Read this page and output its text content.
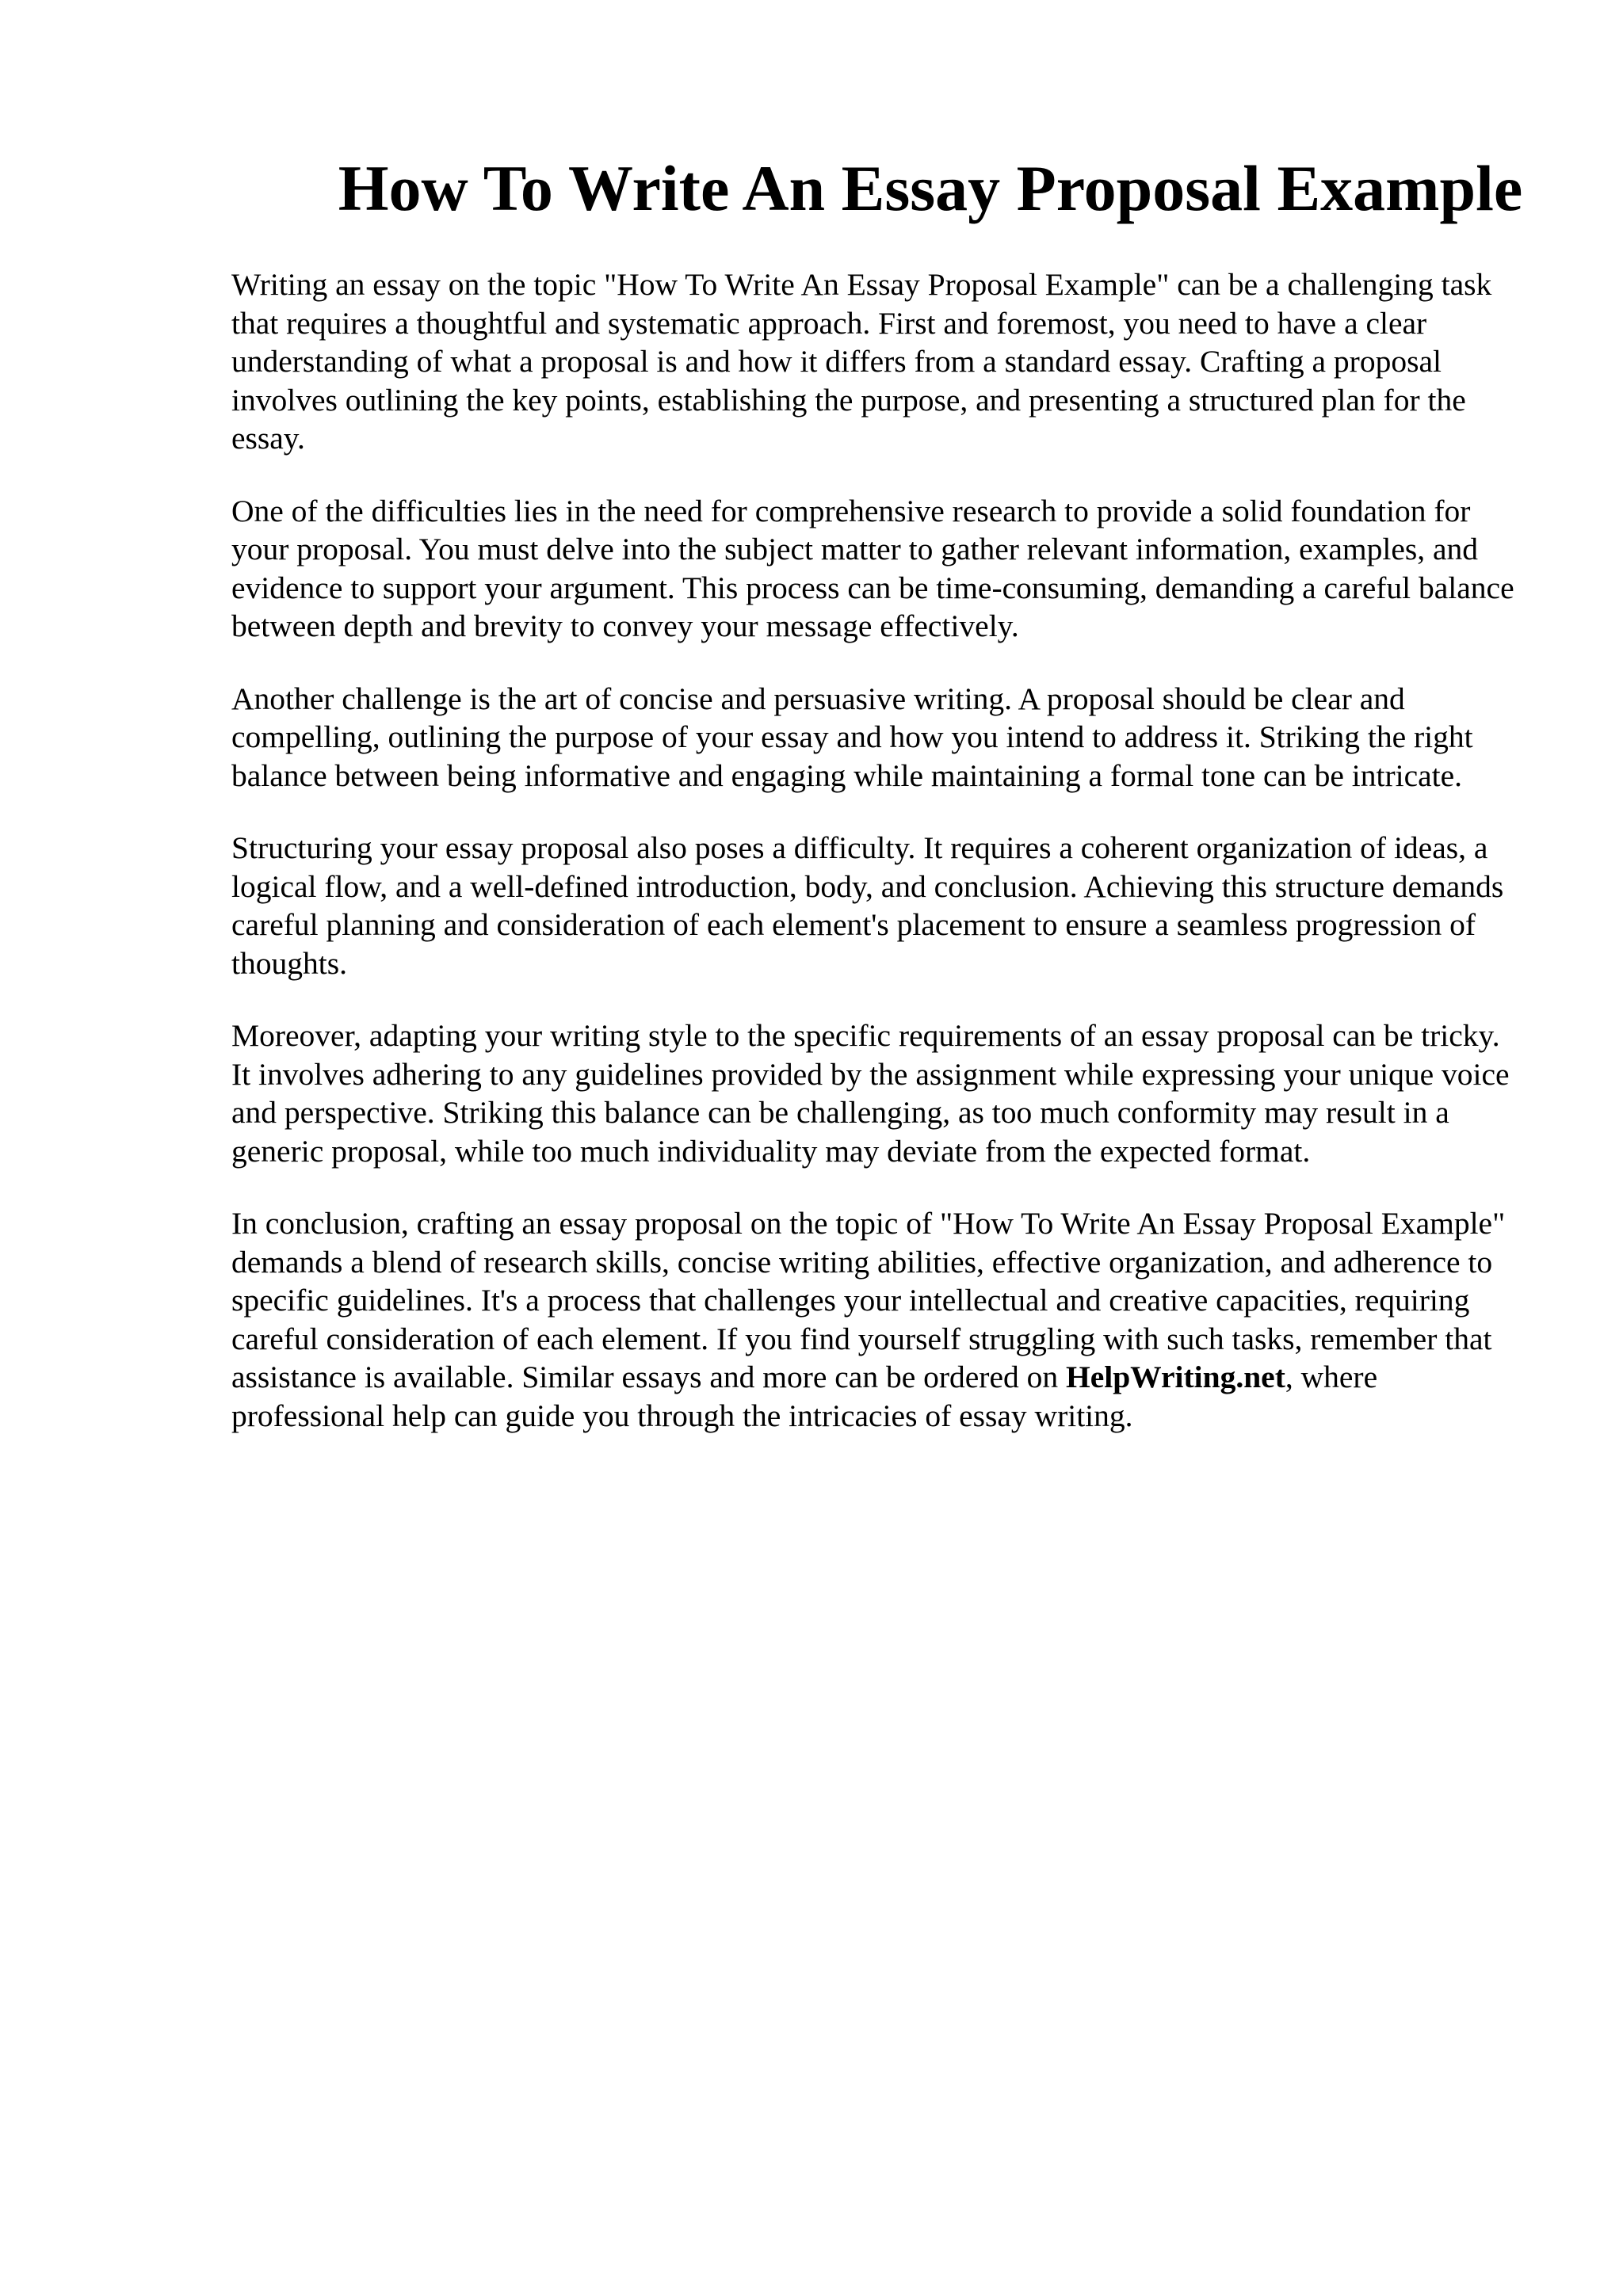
How To Write An Essay Proposal Example

Writing an essay on the topic "How To Write An Essay Proposal Example" can be a challenging task that requires a thoughtful and systematic approach. First and foremost, you need to have a clear understanding of what a proposal is and how it differs from a standard essay. Crafting a proposal involves outlining the key points, establishing the purpose, and presenting a structured plan for the essay.

One of the difficulties lies in the need for comprehensive research to provide a solid foundation for your proposal. You must delve into the subject matter to gather relevant information, examples, and evidence to support your argument. This process can be time-consuming, demanding a careful balance between depth and brevity to convey your message effectively.

Another challenge is the art of concise and persuasive writing. A proposal should be clear and compelling, outlining the purpose of your essay and how you intend to address it. Striking the right balance between being informative and engaging while maintaining a formal tone can be intricate.

Structuring your essay proposal also poses a difficulty. It requires a coherent organization of ideas, a logical flow, and a well-defined introduction, body, and conclusion. Achieving this structure demands careful planning and consideration of each element's placement to ensure a seamless progression of thoughts.

Moreover, adapting your writing style to the specific requirements of an essay proposal can be tricky. It involves adhering to any guidelines provided by the assignment while expressing your unique voice and perspective. Striking this balance can be challenging, as too much conformity may result in a generic proposal, while too much individuality may deviate from the expected format.

In conclusion, crafting an essay proposal on the topic of "How To Write An Essay Proposal Example" demands a blend of research skills, concise writing abilities, effective organization, and adherence to specific guidelines. It's a process that challenges your intellectual and creative capacities, requiring careful consideration of each element. If you find yourself struggling with such tasks, remember that assistance is available. Similar essays and more can be ordered on HelpWriting.net, where professional help can guide you through the intricacies of essay writing.
